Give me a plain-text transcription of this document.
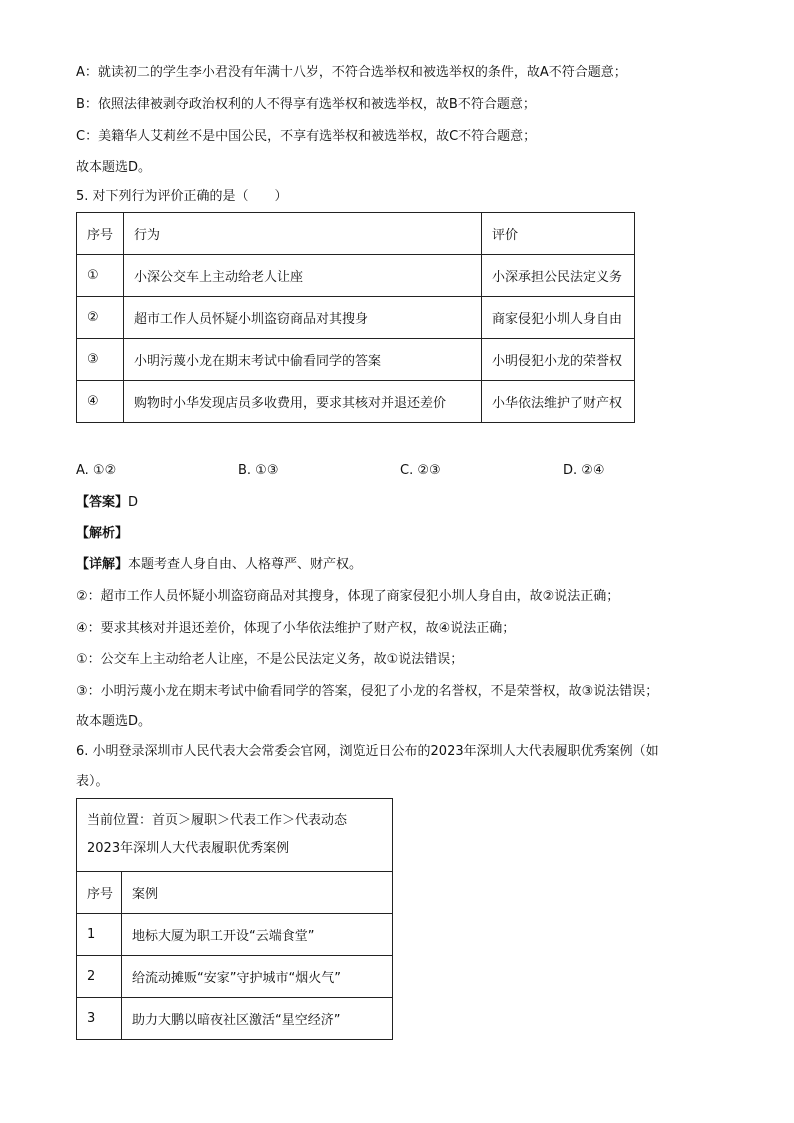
A：就读初二的学生李小君没有年满十八岁，不符合选举权和被选举权的条件，故A不符合题意；
B：依照法律被剥夺政治权利的人不得享有选举权和被选举权，故B不符合题意；
C：美籍华人艾莉丝不是中国公民，不享有选举权和被选举权，故C不符合题意；
故本题选D。
5. 对下列行为评价正确的是（　　）
序号	行为	评价
①	小深公交车上主动给老人让座	小深承担公民法定义务
②	超市工作人员怀疑小圳盗窃商品对其搜身	商家侵犯小圳人身自由
③	小明污蔑小龙在期末考试中偷看同学的答案	小明侵犯小龙的荣誉权
④	购物时小华发现店员多收费用，要求其核对并退还差价	小华依法维护了财产权
A. ①②	B. ①③	C. ②③	D. ②④
【答案】D
【解析】
【详解】本题考查人身自由、人格尊严、财产权。
②：超市工作人员怀疑小圳盗窃商品对其搜身，体现了商家侵犯小圳人身自由，故②说法正确；
④：要求其核对并退还差价，体现了小华依法维护了财产权，故④说法正确；
①：公交车上主动给老人让座，不是公民法定义务，故①说法错误；
③：小明污蔑小龙在期末考试中偷看同学的答案，侵犯了小龙的名誉权，不是荣誉权，故③说法错误；
故本题选D。
6. 小明登录深圳市人民代表大会常委会官网，浏览近日公布的2023年深圳人大代表履职优秀案例（如
表）。
当前位置：首页＞履职＞代表工作＞代表动态
2023年深圳人大代表履职优秀案例	

序号	案例
1	地标大厦为职工开设“云端食堂”
2	给流动摊贩“安家”守护城市“烟火气”
3	助力大鹏以暗夜社区激活“星空经济”
